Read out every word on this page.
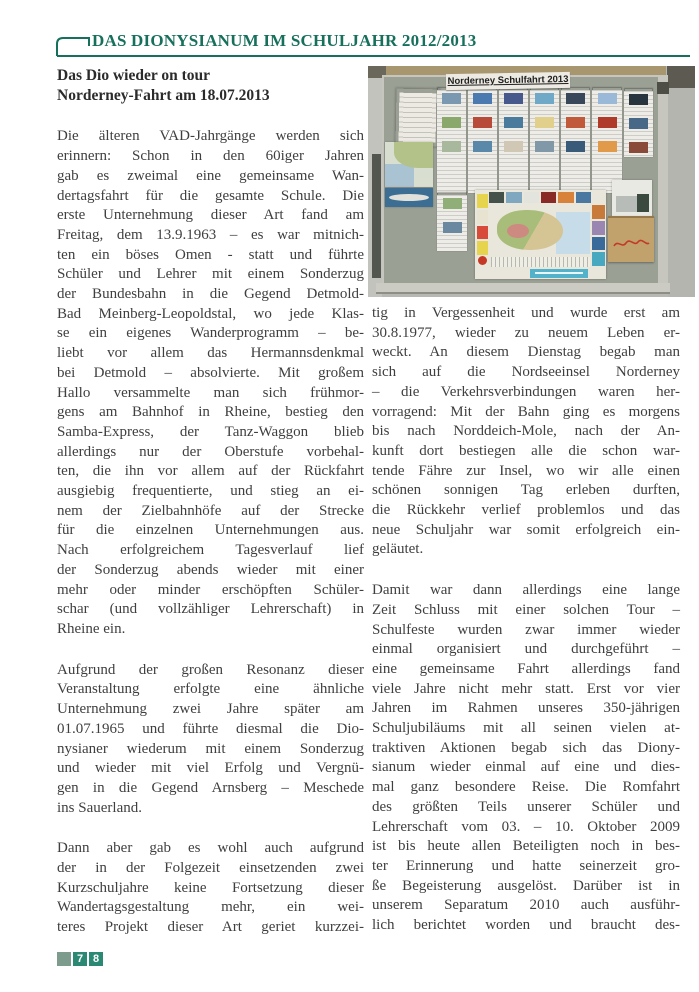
DAS DIONYSIANUM IM SCHULJAHR 2012/2013
Das Dio wieder on tour
Norderney-Fahrt am 18.07.2013
Die älteren VAD-Jahrgänge werden sich
erinnern: Schon in den 60iger Jahren
gab es zweimal eine gemeinsame Wan-
dertagsfahrt für die gesamte Schule. Die
erste Unternehmung dieser Art fand am
Freitag, dem 13.9.1963 – es war mitnich-
ten ein böses Omen - statt und führte
Schüler und Lehrer mit einem Sonderzug
der Bundesbahn in die Gegend Detmold-
Bad Meinberg-Leopoldstal, wo jede Klas-
se ein eigenes Wanderprogramm – be-
liebt vor allem das Hermannsdenkmal
bei Detmold – absolvierte. Mit großem
Hallo versammelte man sich frühmor-
gens am Bahnhof in Rheine, bestieg den
Samba-Express, der Tanz-Waggon blieb
allerdings nur der Oberstufe vorbehal-
ten, die ihn vor allem auf der Rückfahrt
ausgiebig frequentierte, und stieg an ei-
nem der Zielbahnhöfe auf der Strecke
für die einzelnen Unternehmungen aus.
Nach erfolgreichem Tagesverlauf lief
der Sonderzug abends wieder mit einer
mehr oder minder erschöpften Schüler-
schar (und vollzähliger Lehrerschaft) in
Rheine ein.
Aufgrund der großen Resonanz dieser
Veranstaltung erfolgte eine ähnliche
Unternehmung zwei Jahre später am
01.07.1965 und führte diesmal die Dio-
nysianer wiederum mit einem Sonderzug
und wieder mit viel Erfolg und Vergnü-
gen in die Gegend Arnsberg – Meschede
ins Sauerland.
Dann aber gab es wohl auch aufgrund
der in der Folgezeit einsetzenden zwei
Kurzschuljahre keine Fortsetzung dieser
Wandertagsgestaltung mehr, ein wei-
teres Projekt dieser Art geriet kurzzei-
Norderney Schulfahrt 2013
tig in Vergessenheit und wurde erst am
30.8.1977, wieder zu neuem Leben er-
weckt. An diesem Dienstag begab man
sich auf die Nordseeinsel Norderney
– die Verkehrsverbindungen waren her-
vorragend: Mit der Bahn ging es morgens
bis nach Norddeich-Mole, nach der An-
kunft dort bestiegen alle die schon war-
tende Fähre zur Insel, wo wir alle einen
schönen sonnigen Tag erleben durften,
die Rückkehr verlief problemlos und das
neue Schuljahr war somit erfolgreich ein-
geläutet.
Damit war dann allerdings eine lange
Zeit Schluss mit einer solchen Tour –
Schulfeste wurden zwar immer wieder
einmal organisiert und durchgeführt –
eine gemeinsame Fahrt allerdings fand
viele Jahre nicht mehr statt. Erst vor vier
Jahren im Rahmen unseres 350-jährigen
Schuljubiläums mit all seinen vielen at-
traktiven Aktionen begab sich das Diony-
sianum wieder einmal auf eine und dies-
mal ganz besondere Reise. Die Romfahrt
des größten Teils unserer Schüler und
Lehrerschaft vom 03. – 10. Oktober 2009
ist bis heute allen Beteiligten noch in bes-
ter Erinnerung und hatte seinerzeit gro-
ße Begeisterung ausgelöst. Darüber ist in
unserem Separatum 2010 auch ausführ-
lich berichtet worden und braucht des-
7 8
